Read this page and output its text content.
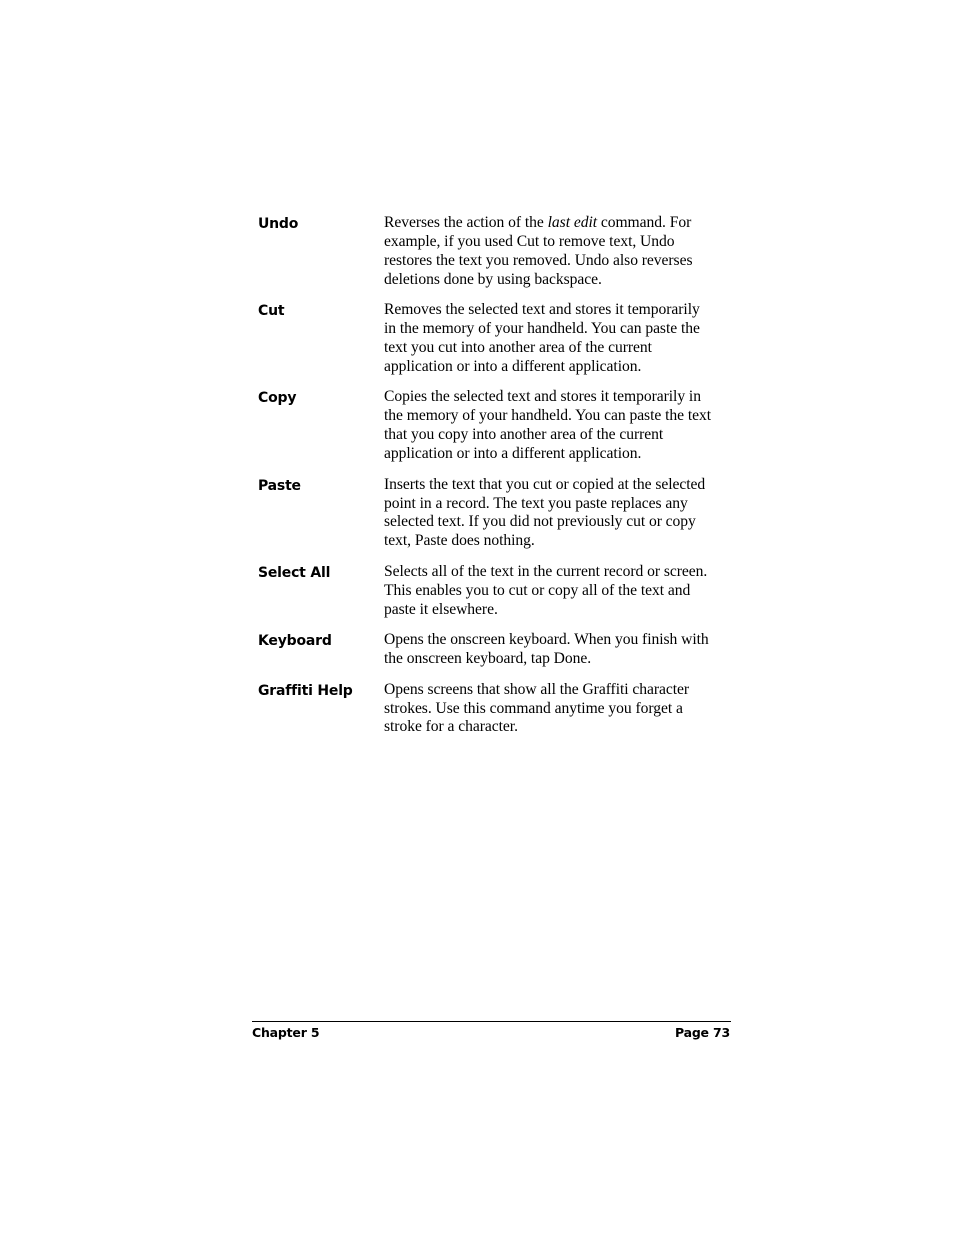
Undo	Reverses the action of the last edit command. For example, if you used Cut to remove text, Undo restores the text you removed. Undo also reverses deletions done by using backspace.
Cut	Removes the selected text and stores it temporarily in the memory of your handheld. You can paste the text you cut into another area of the current application or into a different application.
Copy	Copies the selected text and stores it temporarily in the memory of your handheld. You can paste the text that you copy into another area of the current application or into a different application.
Paste	Inserts the text that you cut or copied at the selected point in a record. The text you paste replaces any selected text. If you did not previously cut or copy text, Paste does nothing.
Select All	Selects all of the text in the current record or screen. This enables you to cut or copy all of the text and paste it elsewhere.
Keyboard	Opens the onscreen keyboard. When you finish with the onscreen keyboard, tap Done.
Graffiti Help	Opens screens that show all the Graffiti character strokes. Use this command anytime you forget a stroke for a character.
Chapter 5	Page 73
